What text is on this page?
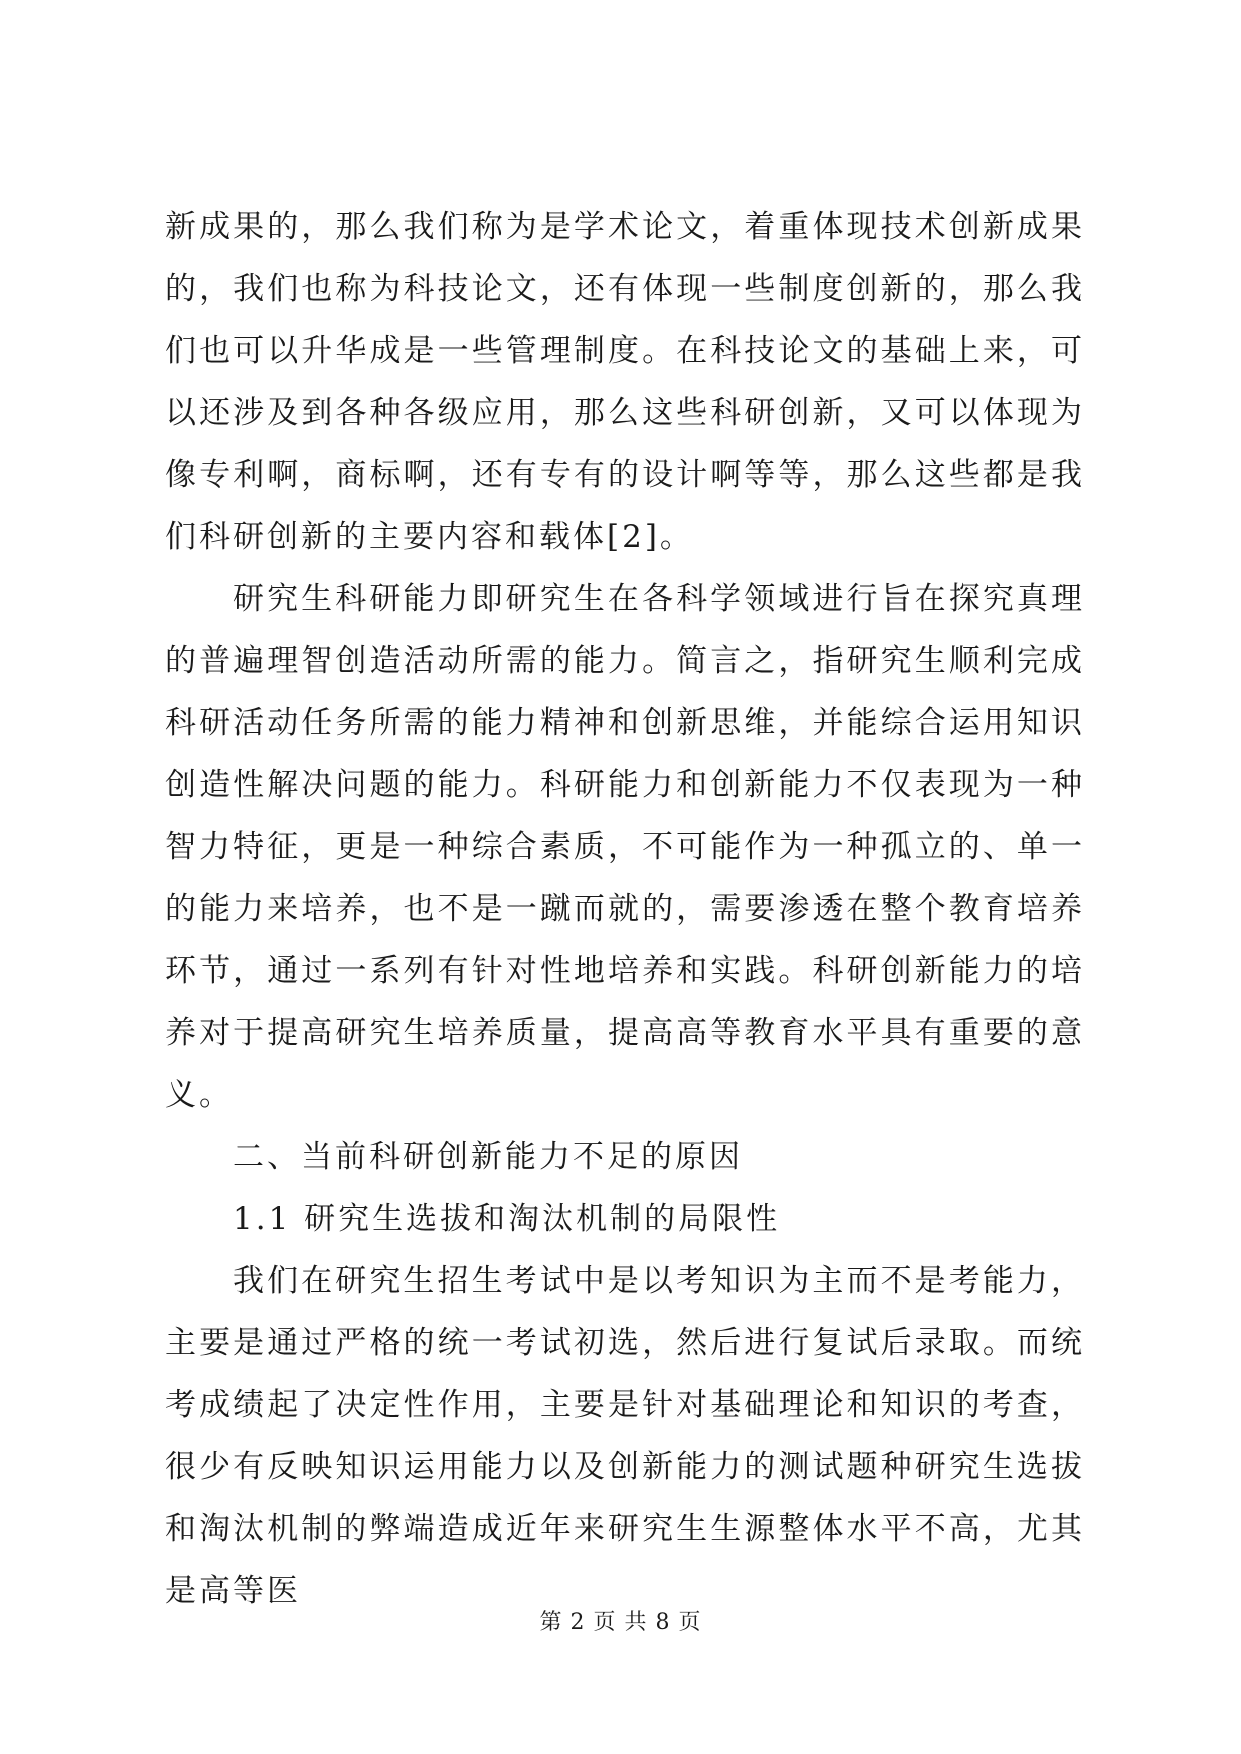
新成果的，那么我们称为是学术论文，着重体现技术创新成果的，我们也称为科技论文，还有体现一些制度创新的，那么我们也可以升华成是一些管理制度。在科技论文的基础上来，可以还涉及到各种各级应用，那么这些科研创新，又可以体现为像专利啊，商标啊，还有专有的设计啊等等，那么这些都是我们科研创新的主要内容和载体[2]。

研究生科研能力即研究生在各科学领域进行旨在探究真理的普遍理智创造活动所需的能力。简言之，指研究生顺利完成科研活动任务所需的能力精神和创新思维，并能综合运用知识创造性解决问题的能力。科研能力和创新能力不仅表现为一种智力特征，更是一种综合素质，不可能作为一种孤立的、单一的能力来培养，也不是一蹴而就的，需要渗透在整个教育培养环节，通过一系列有针对性地培养和实践。科研创新能力的培养对于提高研究生培养质量，提高高等教育水平具有重要的意义。

二、当前科研创新能力不足的原因

1.1 研究生选拔和淘汰机制的局限性

我们在研究生招生考试中是以考知识为主而不是考能力，主要是通过严格的统一考试初选，然后进行复试后录取。而统考成绩起了决定性作用，主要是针对基础理论和知识的考查，很少有反映知识运用能力以及创新能力的测试题种研究生选拔和淘汰机制的弊端造成近年来研究生生源整体水平不高，尤其是高等医

第 2 页 共 8 页
